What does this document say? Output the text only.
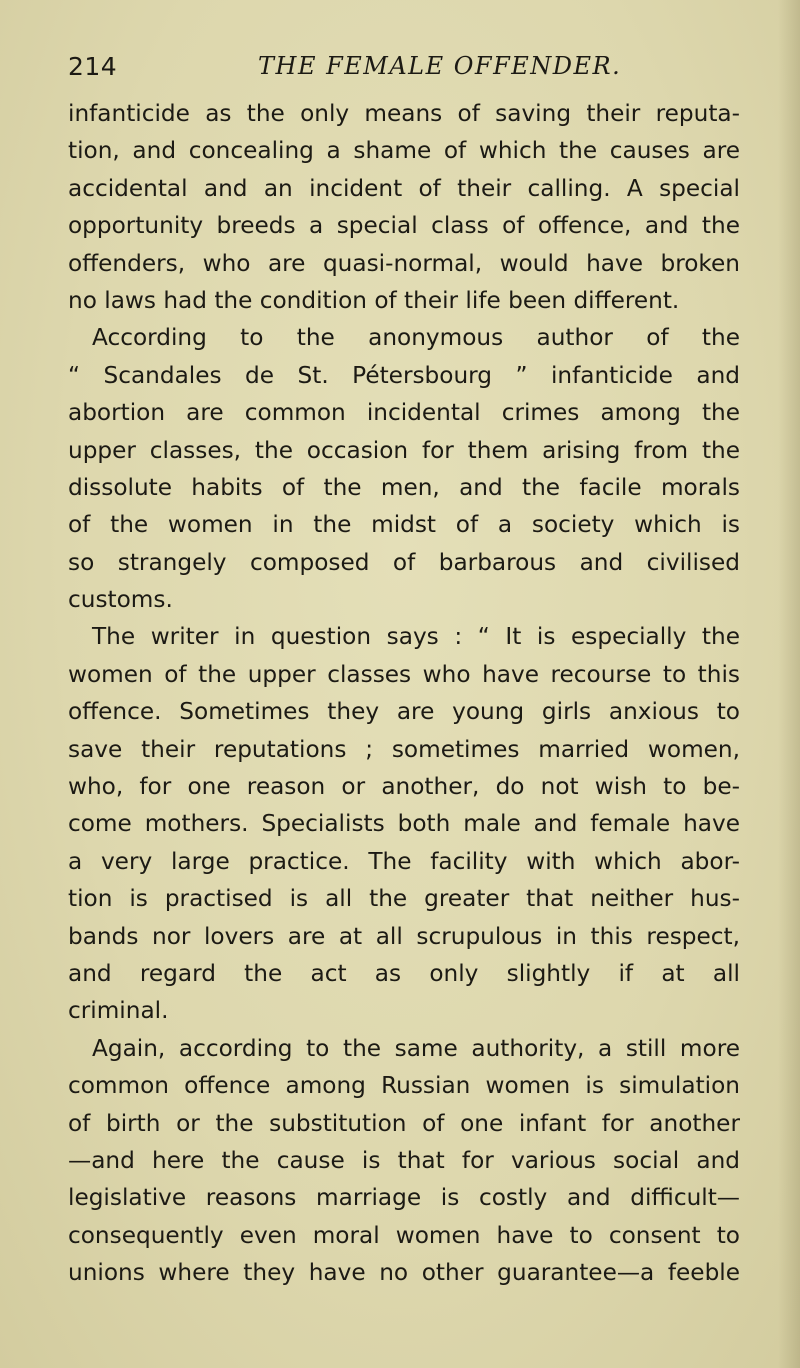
214	THE FEMALE OFFENDER.
infanticide as the only means of saving their reputa-
tion, and concealing a shame of which the causes are
accidental and an incident of their calling. A special
opportunity breeds a special class of offence, and the
offenders, who are quasi-normal, would have broken
no laws had the condition of their life been different.
According to the anonymous author of the
“ Scandales de St. Pétersbourg ” infanticide and
abortion are common incidental crimes among the
upper classes, the occasion for them arising from the
dissolute habits of the men, and the facile morals
of the women in the midst of a society which is
so strangely composed of barbarous and civilised
customs.
The writer in question says : “ It is especially the
women of the upper classes who have recourse to this
offence. Sometimes they are young girls anxious to
save their reputations ; sometimes married women,
who, for one reason or another, do not wish to be-
come mothers. Specialists both male and female have
a very large practice. The facility with which abor-
tion is practised is all the greater that neither hus-
bands nor lovers are at all scrupulous in this respect,
and regard the act as only slightly if at all
criminal.
Again, according to the same authority, a still more
common offence among Russian women is simulation
of birth or the substitution of one infant for another
—and here the cause is that for various social and
legislative reasons marriage is costly and difficult—
consequently even moral women have to consent to
unions where they have no other guarantee—a feeble
